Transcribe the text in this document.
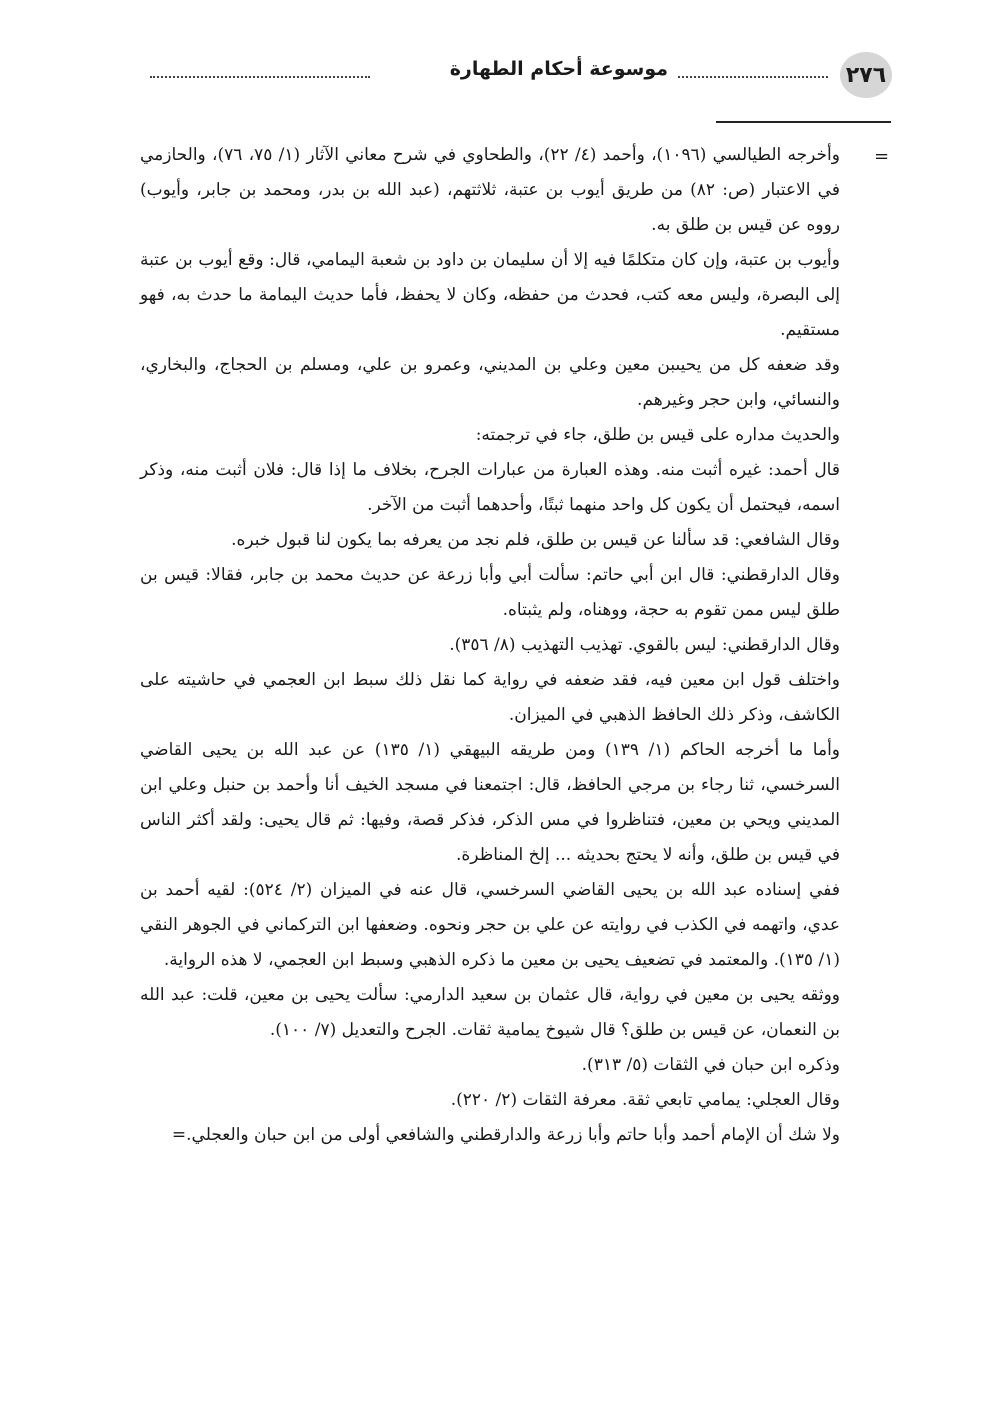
٢٧٦
موسوعة أحكام الطهارة
=

وأخرجه الطيالسي (١٠٩٦)، وأحمد (٤/ ٢٢)، والطحاوي في شرح معاني الآثار (١/ ٧٥، ٧٦)، والحازمي في الاعتبار (ص: ٨٢) من طريق أيوب بن عتبة، ثلاثتهم، (عبد الله بن بدر، ومحمد بن جابر، وأيوب) رووه عن قيس بن طلق به.

وأيوب بن عتبة، وإن كان متكلمًا فيه إلا أن سليمان بن داود بن شعبة اليمامي، قال: وقع أيوب بن عتبة إلى البصرة، وليس معه كتب، فحدث من حفظه، وكان لا يحفظ، فأما حديث اليمامة ما حدث به، فهو مستقيم.

وقد ضعفه كل من يحيىبن معين وعلي بن المديني، وعمرو بن علي، ومسلم بن الحجاج، والبخاري، والنسائي، وابن حجر وغيرهم.

والحديث مداره على قيس بن طلق، جاء في ترجمته:

قال أحمد: غيره أثبت منه. وهذه العبارة من عبارات الجرح، بخلاف ما إذا قال: فلان أثبت منه، وذكر اسمه، فيحتمل أن يكون كل واحد منهما ثبتًا، وأحدهما أثبت من الآخر.

وقال الشافعي: قد سألنا عن قيس بن طلق، فلم نجد من يعرفه بما يكون لنا قبول خبره.

وقال الدارقطني: قال ابن أبي حاتم: سألت أبي وأبا زرعة عن حديث محمد بن جابر، فقالا: قيس بن طلق ليس ممن تقوم به حجة، ووهناه، ولم يثبتاه.

وقال الدارقطني: ليس بالقوي. تهذيب التهذيب (٨/ ٣٥٦).

واختلف قول ابن معين فيه، فقد ضعفه في رواية كما نقل ذلك سبط ابن العجمي في حاشيته على الكاشف، وذكر ذلك الحافظ الذهبي في الميزان.

وأما ما أخرجه الحاكم (١/ ١٣٩) ومن طريقه البيهقي (١/ ١٣٥) عن عبد الله بن يحيى القاضي السرخسي، ثنا رجاء بن مرجي الحافظ، قال: اجتمعنا في مسجد الخيف أنا وأحمد بن حنبل وعلي ابن المديني ويحي بن معين، فتناظروا في مس الذكر، فذكر قصة، وفيها: ثم قال يحيى: ولقد أكثر الناس في قيس بن طلق، وأنه لا يحتج بحديثه ... إلخ المناظرة.

ففي إسناده عبد الله بن يحيى القاضي السرخسي، قال عنه في الميزان (٢/ ٥٢٤): لقيه أحمد بن عدي، واتهمه في الكذب في روايته عن علي بن حجر ونحوه. وضعفها ابن التركماني في الجوهر النقي (١/ ١٣٥). والمعتمد في تضعيف يحيى بن معين ما ذكره الذهبي وسبط ابن العجمي، لا هذه الرواية.

ووثقه يحيى بن معين في رواية، قال عثمان بن سعيد الدارمي: سألت يحيى بن معين، قلت: عبد الله بن النعمان، عن قيس بن طلق؟ قال شيوخ يمامية ثقات. الجرح والتعديل (٧/ ١٠٠).

وذكره ابن حبان في الثقات (٥/ ٣١٣).

وقال العجلي: يمامي تابعي ثقة. معرفة الثقات (٢/ ٢٢٠).

ولا شك أن الإمام أحمد وأبا حاتم وأبا زرعة والدارقطني والشافعي أولى من ابن حبان والعجلي.=
